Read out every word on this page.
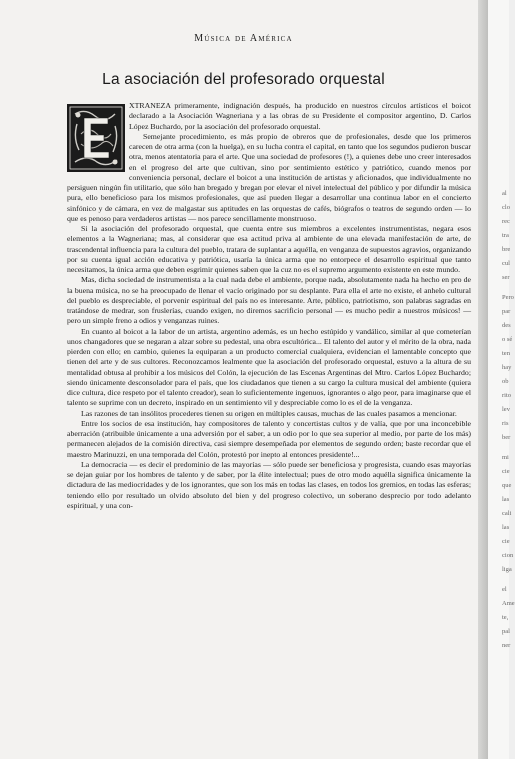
Música de América
La asociación del profesorado orquestal

XTRANEZA primeramente, indignación después, ha producido en nuestros círculos artísticos el boicot declarado a la Asociación Wagneriana y a las obras de su Presidente el compositor argentino, D. Carlos López Buchardo, por la asociación del profesorado orquestal.

Semejante procedimiento, es más propio de obreros que de profesionales, desde que los primeros carecen de otra arma (con la huelga), en su lucha contra el capital, en tanto que los segundos pudieron buscar otra, menos atentatoria para el arte. Que una sociedad de profesores (!), a quienes debe uno creer interesados en el progreso del arte que cultivan, sino por sentimiento estético y patriótico, cuando menos por conveniencia personal, declare el boicot a una institución de artistas y aficionados, que individualmente no persiguen ningún fin utilitario, que sólo han bregado y bregan por elevar el nivel intelectual del público y por difundir la música pura, ello beneficioso para los mismos profesionales, que así pueden llegar a desarrollar una continua labor en el concierto sinfónico y de cámara, en vez de malgastar sus aptitudes en las orquestas de cafés, biógrafos o teatros de segundo orden — lo que es penoso para verdaderos artistas — nos parece sencillamente monstruoso.

Si la asociación del profesorado orquestal, que cuenta entre sus miembros a excelentes instrumentistas, negara esos elementos a la Wagneriana; mas, al considerar que esa actitud priva al ambiente de una elevada manifestación de arte, de trascendental influencia para la cultura del pueblo, tratara de suplantar a aquélla, en venganza de supuestos agravios, organizando por su cuenta igual acción educativa y patriótica, usaría la única arma que no entorpece el desarrollo espiritual que tanto necesitamos, la única arma que deben esgrimir quienes saben que la cuz no es el supremo argumento existente en este mundo.

Mas, dicha sociedad de instrumentista a la cual nada debe el ambiente, porque nada, absolutamente nada ha hecho en pro de la buena música, no se ha preocupado de llenar el vacío originado por su desplante. Para ella el arte no existe, el anhelo cultural del pueblo es despreciable, el porvenir espiritual del país no es interesante. Arte, público, patriotismo, son palabras sagradas en tratándose de medrar, son fruslerías, cuando exigen, no diremos sacrificio personal — es mucho pedir a nuestros músicos! — pero un simple freno a odios y venganzas ruines.

En cuanto al boicot a la labor de un artista, argentino además, es un hecho estúpido y vandálico, similar al que cometerían unos changadores que se negaran a alzar sobre su pedestal, una obra escultórica... El talento del autor y el mérito de la obra, nada pierden con ello; en cambio, quienes la equiparan a un producto comercial cualquiera, evidencian el lamentable concepto que tienen del arte y de sus cultores. Reconozcamos lealmente que la asociación del profesorado orquestal, estuvo a la altura de su mentalidad obtusa al prohibir a los músicos del Colón, la ejecución de las Escenas Argentinas del Mtro. Carlos López Buchardo; siendo únicamente desconsolador para el país, que los ciudadanos que tienen a su cargo la cultura musical del ambiente (quiera dice cultura, dice respeto por el talento creador), sean lo suficientemente ingenuos, ignorantes o algo peor, para imaginarse que el talento se suprime con un decreto, inspirado en un sentimiento vil y despreciable como lo es el de la venganza.

Las razones de tan insólitos procederes tienen su origen en múltiples causas, muchas de las cuales pasamos a mencionar.

Entre los socios de esa institución, hay compositores de talento y concertistas cultos y de valía, que por una inconcebible aberración (atribuible únicamente a una adversión por el saber, a un odio por lo que sea superior al medio, por parte de los más) permanecen alejados de la comisión directiva, casi siempre desempeñada por elementos de segundo orden; baste recordar que el maestro Marinuzzi, en una temporada del Colón, protestó por inepto al entonces presidente!...

La democracia — es decir el predominio de las mayorías — sólo puede ser beneficiosa y progresista, cuando esas mayorías se dejan guiar por los hombres de talento y de saber, por la élite intelectual; pues de otro modo aquélla significa únicamente la dictadura de las mediocridades y de los ignorantes, que son los más en todas las clases, en todos los gremios, en todas las esferas; teniendo ello por resultado un olvido absoluto del bien y del progreso colectivo, un soberano desprecio por todo adelanto espiritual, y una con-

al
clo
rec
tra
bre
cul
ser
Pero
par
des
o sé
ten
hay
ob
rito
lev
ris
ber
mi
cie
que
las
cali
las
cie
cion
liga
el
Ame
te,
pal
ner
